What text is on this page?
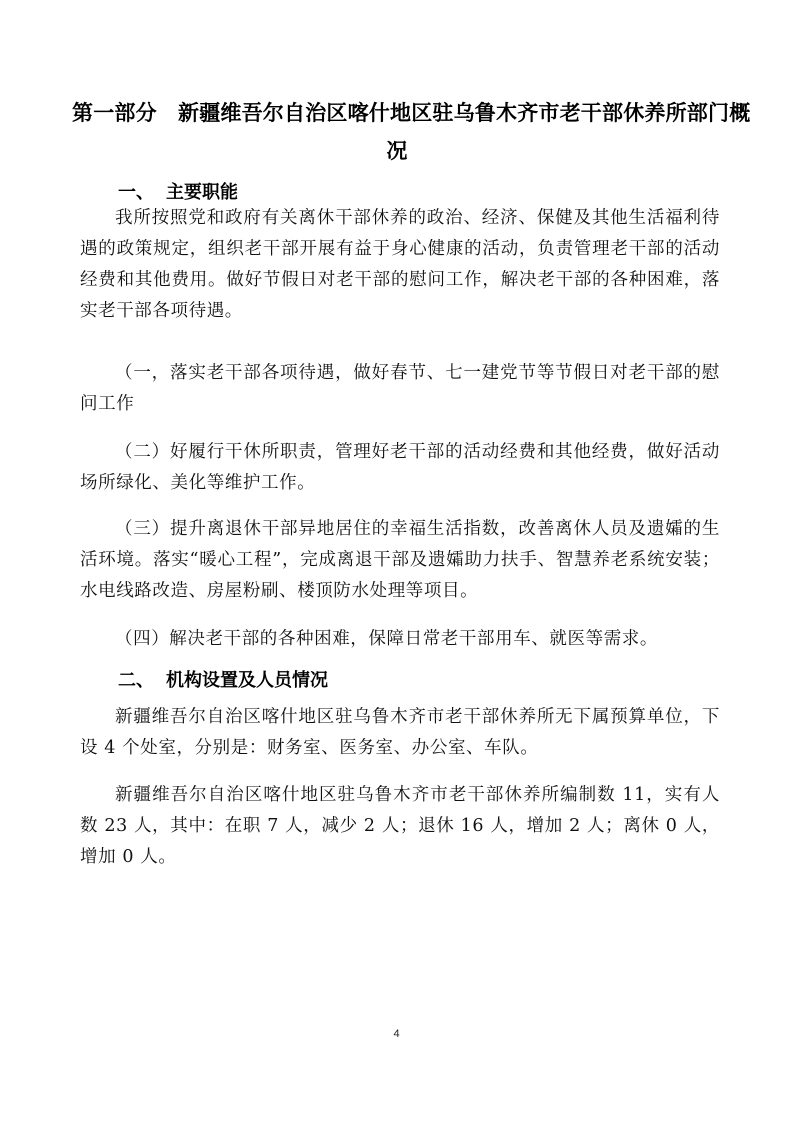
第一部分　新疆维吾尔自治区喀什地区驻乌鲁木齐市老干部休养所部门概
况
一、 主要职能

我所按照党和政府有关离休干部休养的政治、经济、保健及其他生活福利待遇的政策规定，组织老干部开展有益于身心健康的活动，负责管理老干部的活动经费和其他费用。做好节假日对老干部的慰问工作，解决老干部的各种困难，落实老干部各项待遇。

（一，落实老干部各项待遇，做好春节、七一建党节等节假日对老干部的慰问工作

（二）好履行干休所职责，管理好老干部的活动经费和其他经费，做好活动场所绿化、美化等维护工作。

（三）提升离退休干部异地居住的幸福生活指数，改善离休人员及遗孀的生活环境。落实“暖心工程”，完成离退干部及遗孀助力扶手、智慧养老系统安装；水电线路改造、房屋粉刷、楼顶防水处理等项目。

（四）解决老干部的各种困难，保障日常老干部用车、就医等需求。

二、 机构设置及人员情况

新疆维吾尔自治区喀什地区驻乌鲁木齐市老干部休养所无下属预算单位，下设 4 个处室，分别是：财务室、医务室、办公室、车队。

新疆维吾尔自治区喀什地区驻乌鲁木齐市老干部休养所编制数 11，实有人数 23 人，其中：在职 7 人，减少 2 人；退休 16 人，增加 2 人；离休 0 人，增加 0 人。

4
